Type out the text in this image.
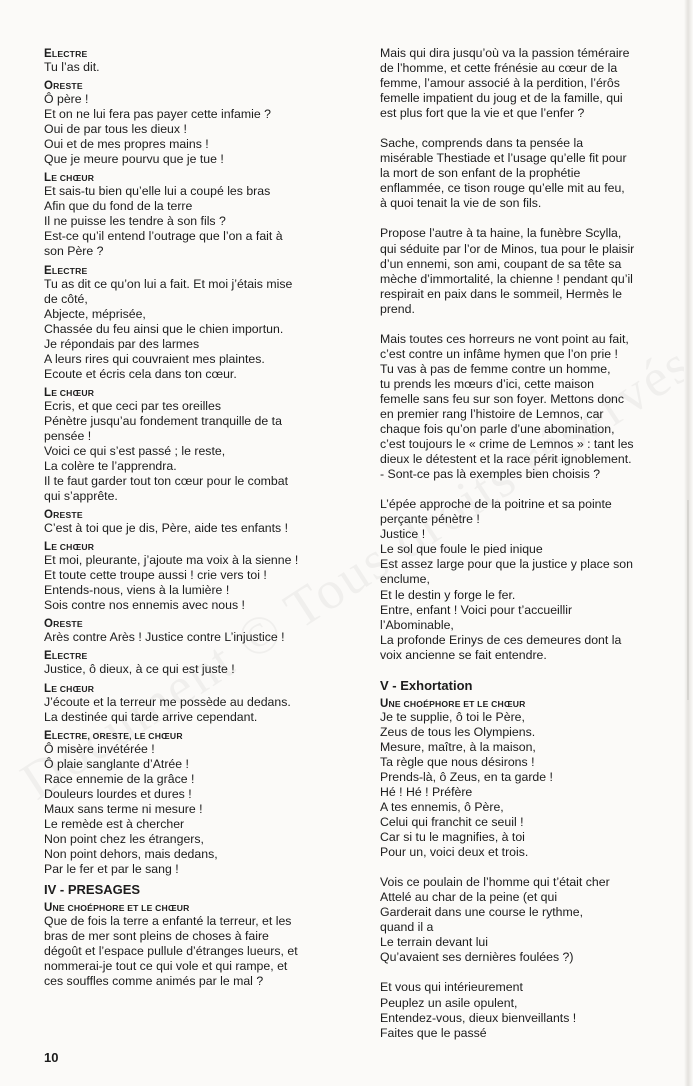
ELECTRE
Tu l’as dit.
ORESTE
Ô père !
Et on ne lui fera pas payer cette infamie ?
Oui de par tous les dieux !
Oui et de mes propres mains !
Que je meure pourvu que je tue !
LE CHŒUR
Et sais-tu bien qu’elle lui a coupé les bras
Afin que du fond de la terre
Il ne puisse les tendre à son fils ?
Est-ce qu’il entend l’outrage que l’on a fait à
son Père ?
ELECTRE
Tu as dit ce qu’on lui a fait. Et moi j’étais mise
de côté,
Abjecte, méprisée,
Chassée du feu ainsi que le chien importun.
Je répondais par des larmes
A leurs rires qui couvraient mes plaintes.
Ecoute et écris cela dans ton cœur.
LE CHŒUR
Ecris, et que ceci par tes oreilles
Pénètre jusqu’au fondement tranquille de ta
pensée !
Voici ce qui s’est passé ; le reste,
La colère te l’apprendra.
Il te faut garder tout ton cœur pour le combat
qui s’apprête.
ORESTE
C’est à toi que je dis, Père, aide tes enfants !
LE CHŒUR
Et moi, pleurante, j’ajoute ma voix à la sienne !
Et toute cette troupe aussi ! crie vers toi !
Entends-nous, viens à la lumière !
Sois contre nos ennemis avec nous !
ORESTE
Arès contre Arès ! Justice contre L’injustice !
ELECTRE
Justice, ô dieux, à ce qui est juste !
LE CHŒUR
J’écoute et la terreur me possède au dedans.
La destinée qui tarde arrive cependant.
ELECTRE, ORESTE, LE CHŒUR
Ô misère invétérée !
Ô plaie sanglante d’Atrée !
Race ennemie de la grâce !
Douleurs lourdes et dures !
Maux sans terme ni mesure !
Le remède est à chercher
Non point chez les étrangers,
Non point dehors, mais dedans,
Par le fer et par le sang !
IV - PRESAGES
UNE CHOÉPHORE ET LE CHŒUR
Que de fois la terre a enfanté la terreur, et les
bras de mer sont pleins de choses à faire
dégoût et l’espace pullule d’étranges lueurs, et
nommerai-je tout ce qui vole et qui rampe, et
ces souffles comme animés par le mal ?
Mais qui dira jusqu’où va la passion téméraire
de l’homme, et cette frénésie au cœur de la
femme, l’amour associé à la perdition, l’érôs
femelle impatient du joug et de la famille, qui
est plus fort que la vie et que l’enfer ?
Sache, comprends dans ta pensée la
misérable Thestiade et l’usage qu’elle fit pour
la mort de son enfant de la prophétie
enflammée, ce tison rouge qu’elle mit au feu,
à quoi tenait la vie de son fils.
Propose l’autre à ta haine, la funèbre Scylla,
qui séduite par l’or de Minos, tua pour le plaisir
d’un ennemi, son ami, coupant de sa tête sa
mèche d’immortalité, la chienne ! pendant qu’il
respirait en paix dans le sommeil, Hermès le
prend.
Mais toutes ces horreurs ne vont point au fait,
c’est contre un infâme hymen que l’on prie !
Tu vas à pas de femme contre un homme,
tu prends les mœurs d’ici, cette maison
femelle sans feu sur son foyer. Mettons donc
en premier rang l’histoire de Lemnos, car
chaque fois qu’on parle d’une abomination,
c’est toujours le « crime de Lemnos » : tant les
dieux le détestent et la race périt ignoblement.
- Sont-ce pas là exemples bien choisis ?
L’épée approche de la poitrine et sa pointe
perçante pénètre !
Justice !
Le sol que foule le pied inique
Est assez large pour que la justice y place son
enclume,
Et le destin y forge le fer.
Entre, enfant ! Voici pour t’accueillir
l’Abominable,
La profonde Erinys de ces demeures dont la
voix ancienne se fait entendre.
V - Exhortation
UNE CHOÉPHORE ET LE CHŒUR
Je te supplie, ô toi le Père,
Zeus de tous les Olympiens.
Mesure, maître, à la maison,
Ta règle que nous désirons !
Prends-là, ô Zeus, en ta garde !
Hé ! Hé ! Préfère
A tes ennemis, ô Père,
Celui qui franchit ce seuil !
Car si tu le magnifies, à toi
Pour un, voici deux et trois.
Vois ce poulain de l’homme qui t’était cher
Attelé au char de la peine (et qui
Garderait dans une course le rythme,
quand il a
Le terrain devant lui
Qu’avaient ses dernières foulées ?)
Et vous qui intérieurement
Peuplez un asile opulent,
Entendez-vous, dieux bienveillants !
Faites que le passé
10
